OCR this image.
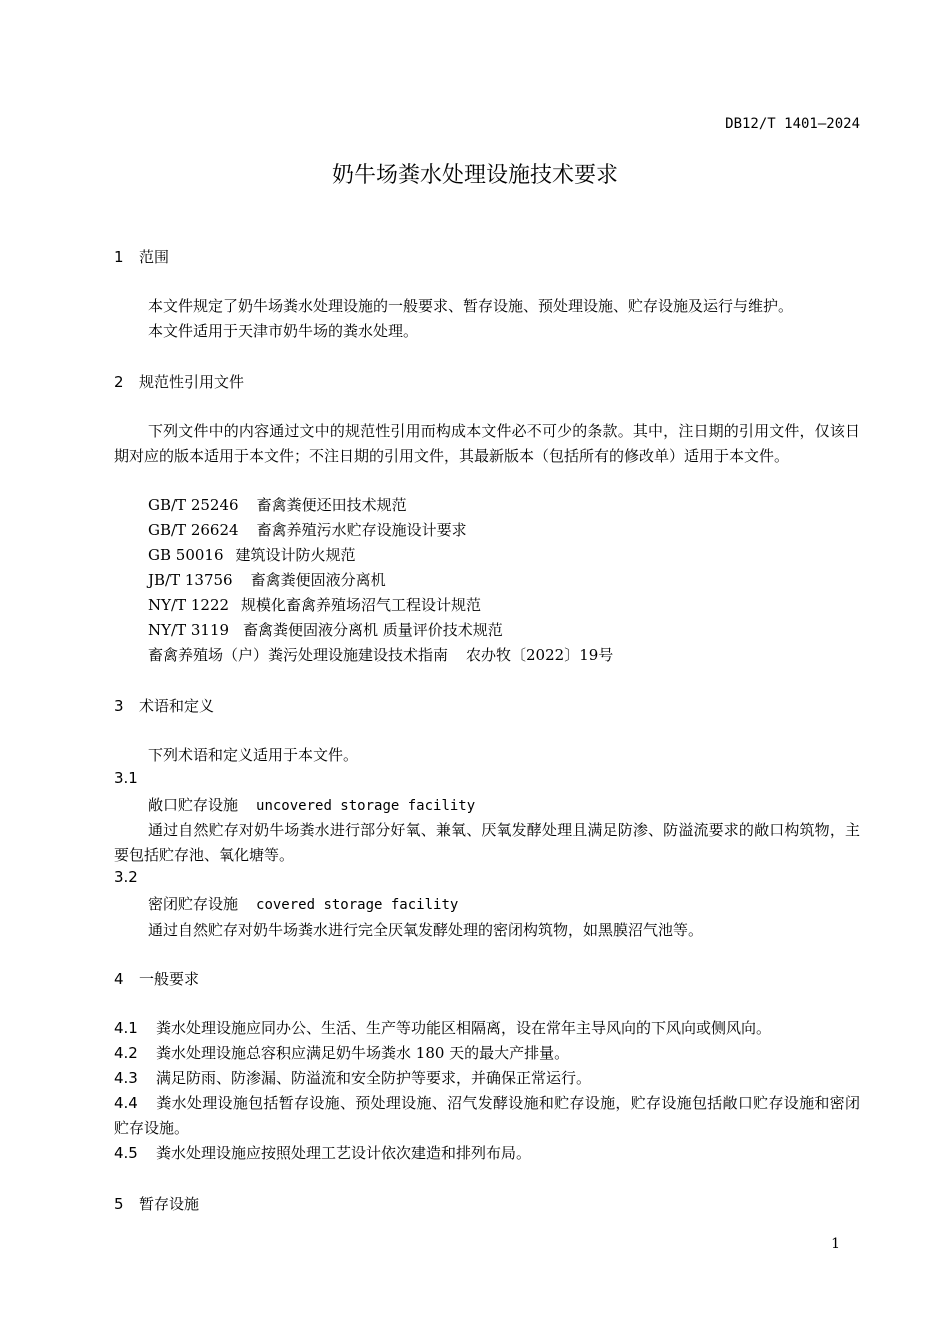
DB12/T 1401—2024
奶牛场粪水处理设施技术要求
1 范围
本文件规定了奶牛场粪水处理设施的一般要求、暂存设施、预处理设施、贮存设施及运行与维护。
本文件适用于天津市奶牛场的粪水处理。
2 规范性引用文件
下列文件中的内容通过文中的规范性引用而构成本文件必不可少的条款。其中，注日期的引用文件，仅该日期对应的版本适用于本文件；不注日期的引用文件，其最新版本（包括所有的修改单）适用于本文件。
GB/T 25246 畜禽粪便还田技术规范
GB/T 26624 畜禽养殖污水贮存设施设计要求
GB 50016 建筑设计防火规范
JB/T 13756 畜禽粪便固液分离机
NY/T 1222 规模化畜禽养殖场沼气工程设计规范
NY/T 3119 畜禽粪便固液分离机 质量评价技术规范
畜禽养殖场（户）粪污处理设施建设技术指南 农办牧〔2022〕19号
3 术语和定义
下列术语和定义适用于本文件。
3.1
敞口贮存设施 uncovered storage facility
通过自然贮存对奶牛场粪水进行部分好氧、兼氧、厌氧发酵处理且满足防渗、防溢流要求的敞口构筑物，主要包括贮存池、氧化塘等。
3.2
密闭贮存设施 covered storage facility
通过自然贮存对奶牛场粪水进行完全厌氧发酵处理的密闭构筑物，如黑膜沼气池等。
4 一般要求
4.1 粪水处理设施应同办公、生活、生产等功能区相隔离，设在常年主导风向的下风向或侧风向。
4.2 粪水处理设施总容积应满足奶牛场粪水 180 天的最大产排量。
4.3 满足防雨、防渗漏、防溢流和安全防护等要求，并确保正常运行。
4.4 粪水处理设施包括暂存设施、预处理设施、沼气发酵设施和贮存设施，贮存设施包括敞口贮存设施和密闭贮存设施。
4.5 粪水处理设施应按照处理工艺设计依次建造和排列布局。
5 暂存设施
1
